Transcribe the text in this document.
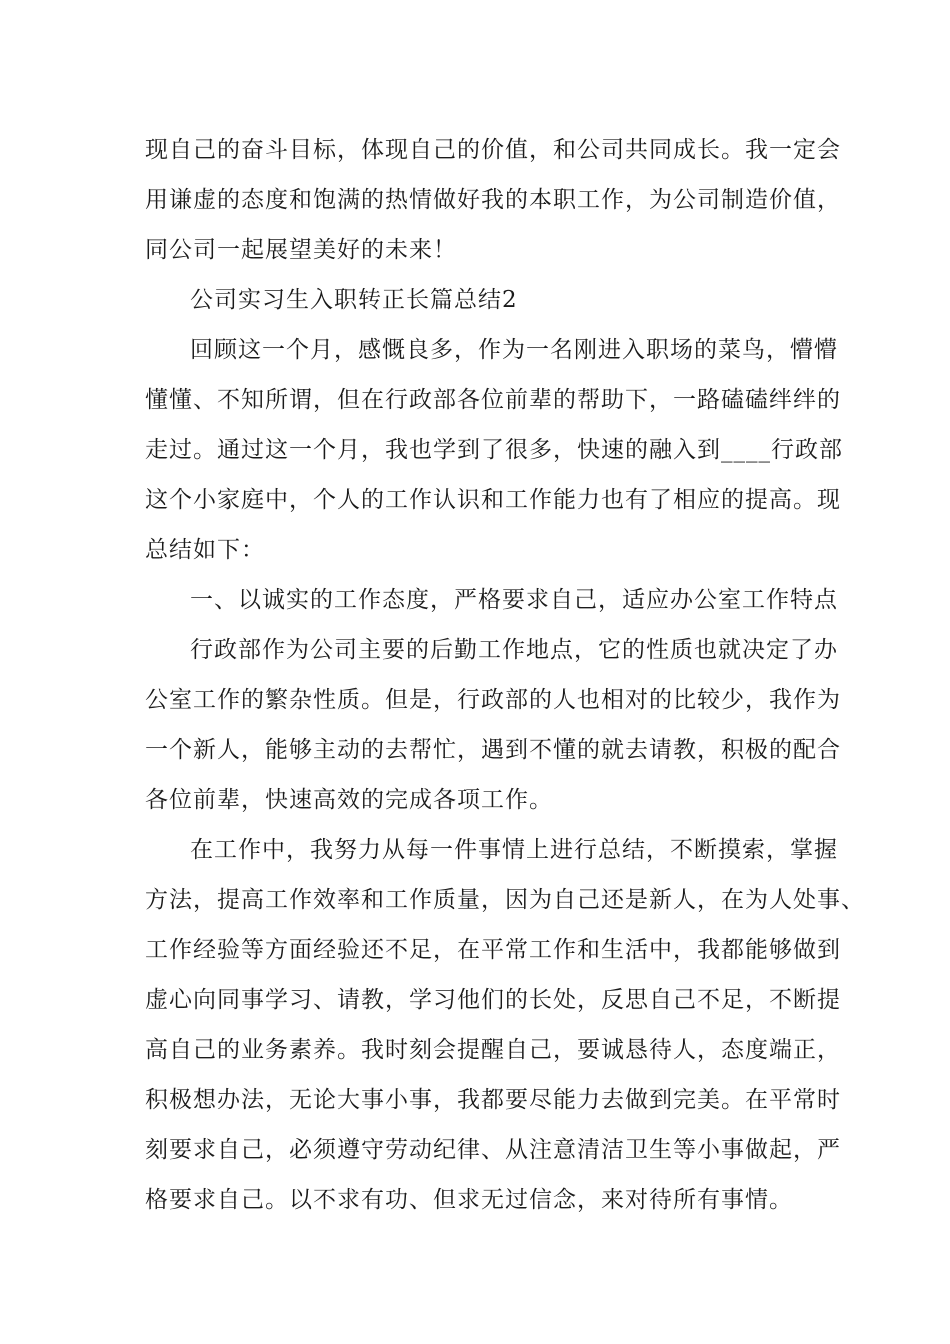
现自己的奋斗目标，体现自己的价值，和公司共同成长。我一定会
用谦虚的态度和饱满的热情做好我的本职工作，为公司制造价值，
同公司一起展望美好的未来！
公司实习生入职转正长篇总结2
回顾这一个月，感慨良多，作为一名刚进入职场的菜鸟，懵懵
懂懂、不知所谓，但在行政部各位前辈的帮助下，一路磕磕绊绊的
走过。通过这一个月，我也学到了很多，快速的融入到____行政部
这个小家庭中，个人的工作认识和工作能力也有了相应的提高。现
总结如下：
一、以诚实的工作态度，严格要求自己，适应办公室工作特点
行政部作为公司主要的后勤工作地点，它的性质也就决定了办
公室工作的繁杂性质。但是，行政部的人也相对的比较少，我作为
一个新人，能够主动的去帮忙，遇到不懂的就去请教，积极的配合
各位前辈，快速高效的完成各项工作。
在工作中，我努力从每一件事情上进行总结，不断摸索，掌握
方法，提高工作效率和工作质量，因为自己还是新人，在为人处事、
工作经验等方面经验还不足，在平常工作和生活中，我都能够做到
虚心向同事学习、请教，学习他们的长处，反思自己不足，不断提
高自己的业务素养。我时刻会提醒自己，要诚恳待人，态度端正，
积极想办法，无论大事小事，我都要尽能力去做到完美。在平常时
刻要求自己，必须遵守劳动纪律、从注意清洁卫生等小事做起，严
格要求自己。以不求有功、但求无过信念，来对待所有事情。
